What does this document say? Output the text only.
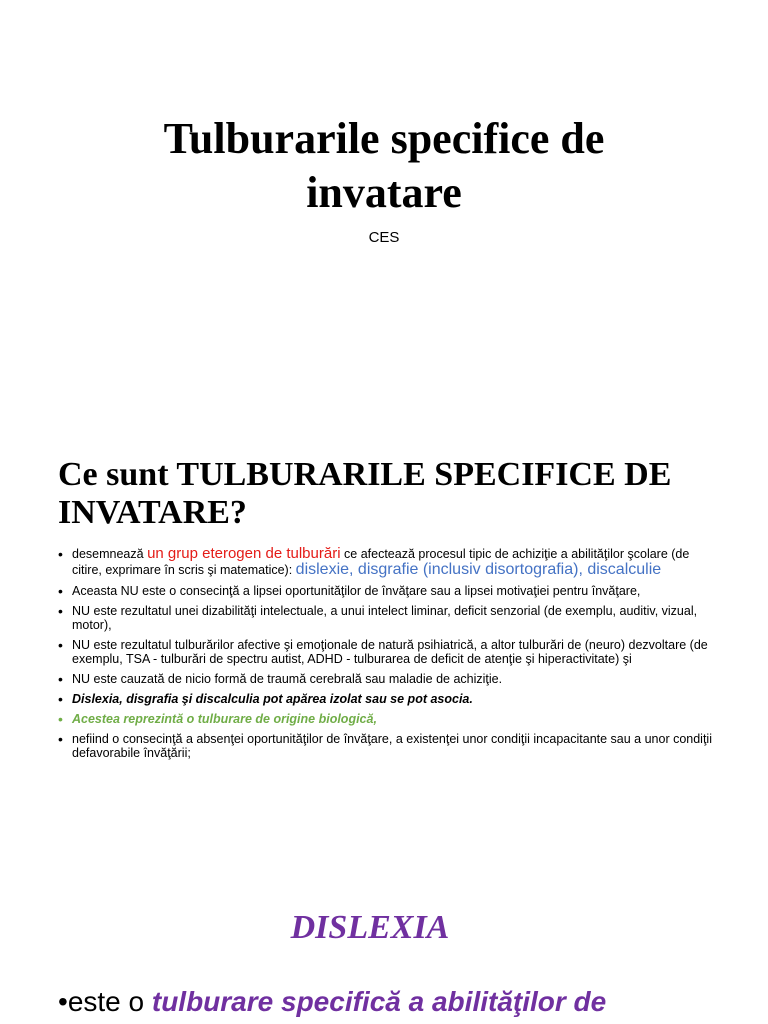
Tulburarile specifice de
invatare
CES
Ce sunt TULBURARILE SPECIFICE DE
INVATARE?
• desemnează un grup eterogen de tulburări ce afectează procesul tipic de achiziţie a abilităţilor şcolare (de citire, exprimare în scris şi matematice): dislexie, disgrafie (inclusiv disortografia), discalculie
• Aceasta NU este o consecinţă a lipsei oportunităţilor de învăţare sau a lipsei motivaţiei pentru învăţare,
• NU este rezultatul unei dizabilităţi intelectuale, a unui intelect liminar, deficit senzorial (de exemplu, auditiv, vizual, motor),
• NU este rezultatul tulburărilor afective şi emoţionale de natură psihiatrică, a altor tulburări de (neuro) dezvoltare (de exemplu, TSA - tulburări de spectru autist, ADHD - tulburarea de deficit de atenţie şi hiperactivitate) şi
• NU este cauzată de nicio formă de traumă cerebrală sau maladie de achiziţie.
• Dislexia, disgrafia şi discalculia pot apărea izolat sau se pot asocia.
• Acestea reprezintă o tulburare de origine biologică,
• nefiind o consecinţă a absenţei oportunităţilor de învăţare, a existenţei unor condiţii incapacitante sau a unor condiţii defavorabile învăţării;
DISLEXIA
•este o tulburare specifică a abilităţilor de
